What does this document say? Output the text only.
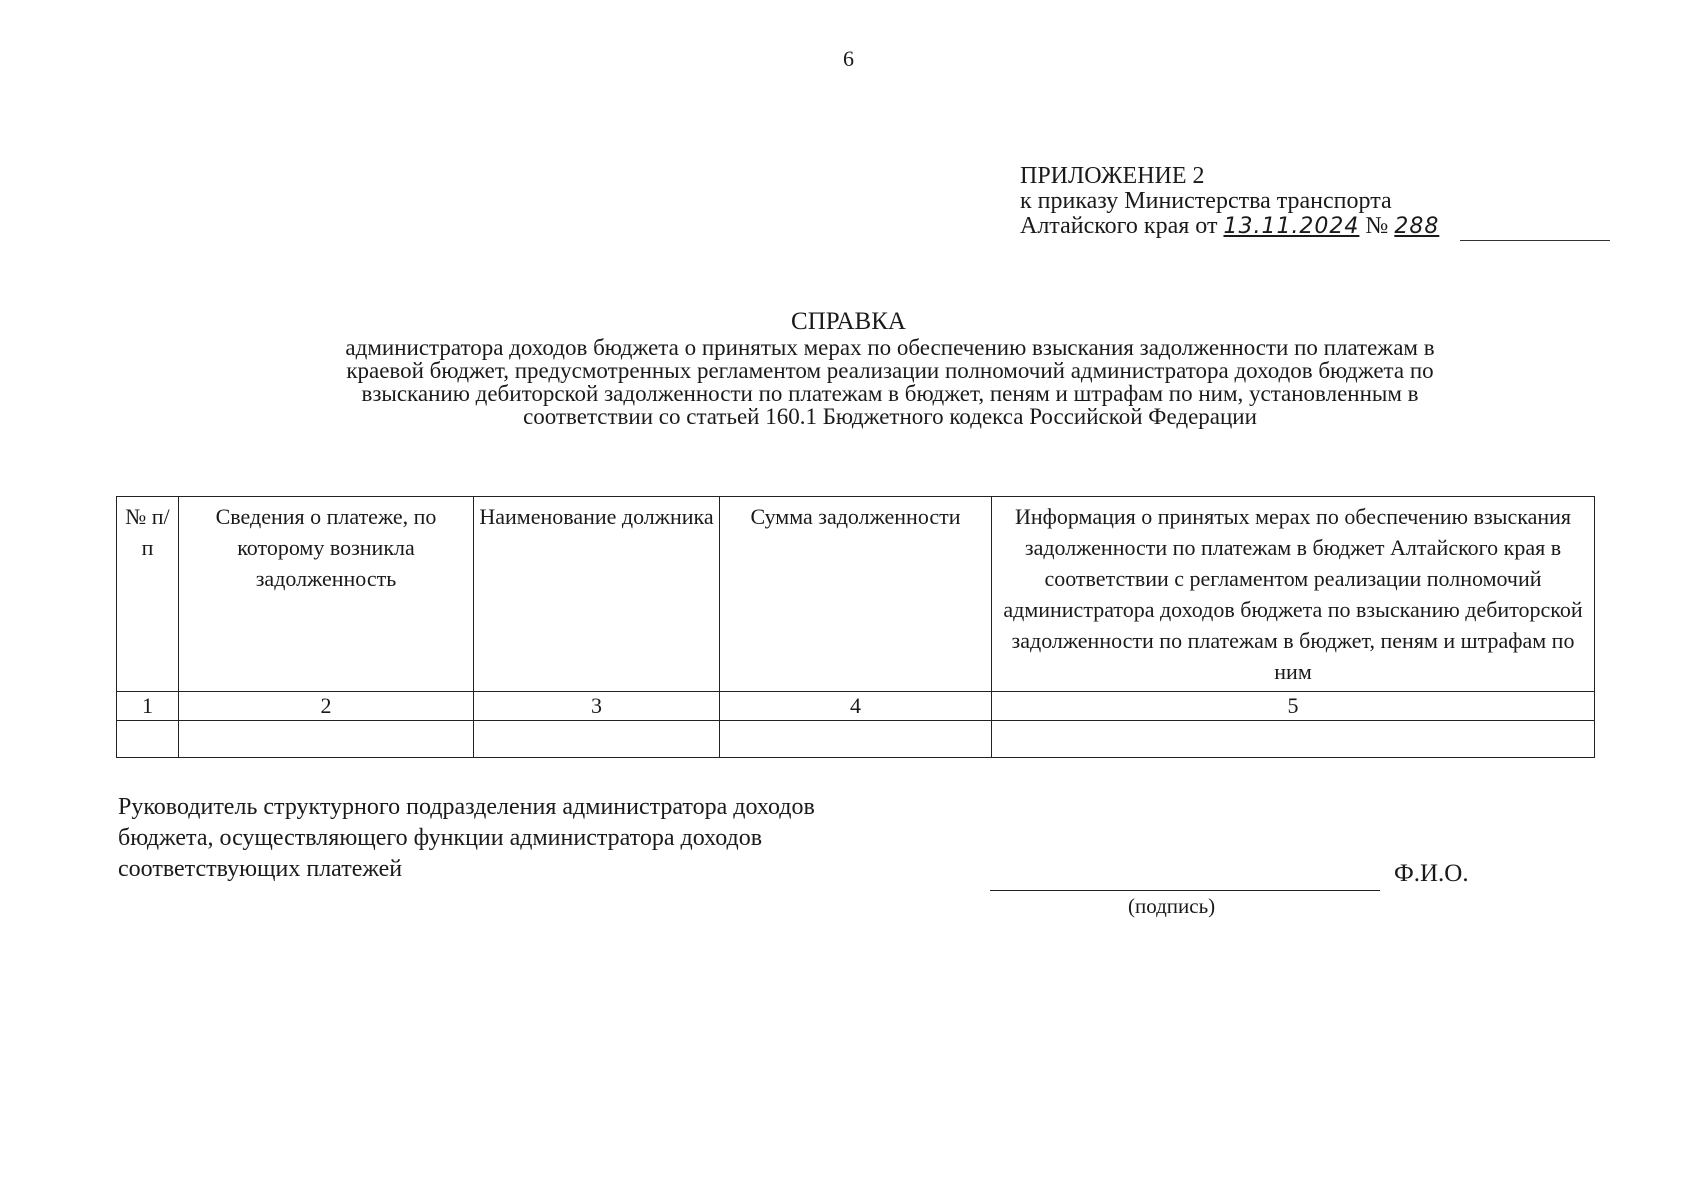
6
ПРИЛОЖЕНИЕ 2
к приказу Министерства транспорта
Алтайского края от 13.11.2024 № 288
СПРАВКА
администратора доходов бюджета о принятых мерах по обеспечению взыскания задолженности по платежам в
краевой бюджет, предусмотренных регламентом реализации полномочий администратора доходов бюджета по
взысканию дебиторской задолженности по платежам в бюджет, пеням и штрафам по ним, установленным в
соответствии со статьей 160.1 Бюджетного кодекса Российской Федерации
№ п/п	Сведения о платеже, по которому возникла задолженность	Наименование должника	Сумма задолженности	Информация о принятых мерах по обеспечению взыскания задолженности по платежам в бюджет Алтайского края в соответствии с регламентом реализации полномочий администратора доходов бюджета по взысканию дебиторской задолженности по платежам в бюджет, пеням и штрафам по ним
1	2	3	4	5

Руководитель структурного подразделения администратора доходов
бюджета, осуществляющего функции администратора доходов
соответствующих платежей
(подпись)
Ф.И.О.
